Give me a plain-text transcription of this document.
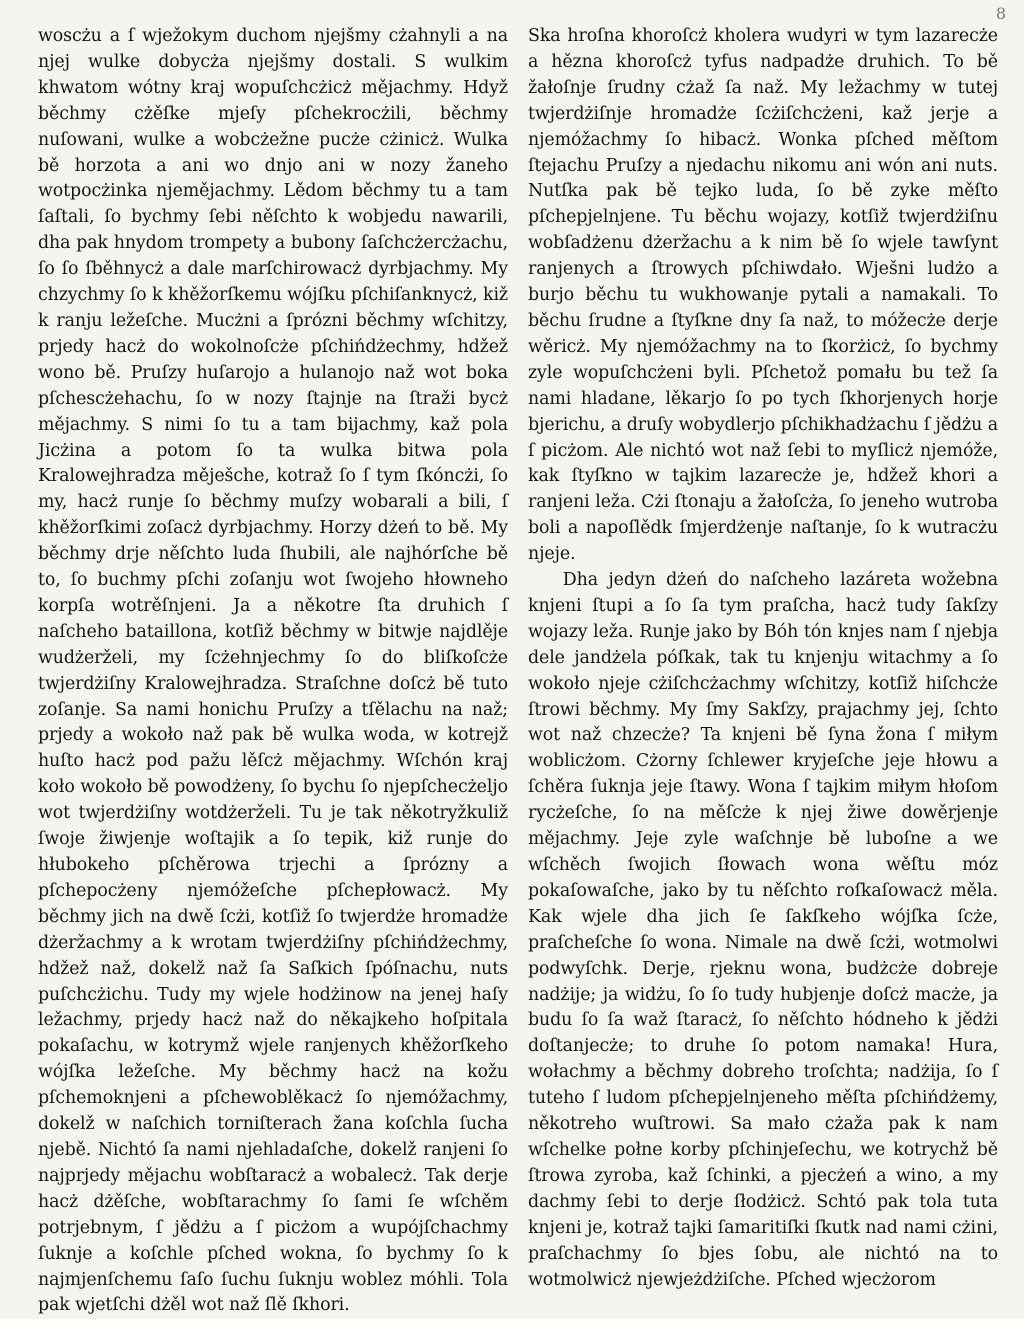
8

woscżu a ſ wježokym duchom njejšmy cżahnyli a na njej wulke dobycża njejšmy dostali. S wulkim khwatom wótny kraj wopuſchcżicż mějachmy. Hdyž běchmy cżěſke mjeſy pſchekrocżili, běchmy nuſowani, wulke a wobcżežne pucże cżinicż. Wulka bě horzota a ani wo dnjo ani w nozy žaneho wotpocżinka njemějachmy. Lědom běchmy tu a tam ſaſtali, ſo bychmy ſebi něſchto k wobjedu nawarili, dha pak hnydom trompety a bubony ſaſchcżercżachu, ſo ſo ſběhnycż a dale marſchirowacż dyrbjachmy. My chzychmy ſo k khěžorſkemu wójſku pſchiſanknycż, kiž k ranju ležeſche. Mucżni a ſprózni běchmy wſchitzy, prjedy hacż do wokolnoſcże pſchińdżechmy, hdžež wono bě. Pruſzy huſarojo a hulanojo naž wot boka pſchescżehachu, ſo w nozy ſtajnje na ſtraži bycż mějachmy. S nimi ſo tu a tam bijachmy, kaž pola Jicżina a potom ſo ta wulka bitwa pola Kralowejhradza měješche, kotraž ſo ſ tym ſkóncżi, ſo my, hacż runje ſo běchmy muſzy wobarali a bili, ſ khěžorſkimi zoſacż dyrbjachmy. Horzy dżeń to bě. My běchmy drje něſchto luda ſhubili, ale najhórſche bě to, ſo buchmy pſchi zoſanju wot ſwojeho hłowneho korpſa wotrěſnjeni. Ja a někotre ſta druhich ſ naſcheho bataillona, kotſiž běchmy w bitwje najdlěje wudżerželi, my ſcżehnjechmy ſo do bliſkoſcże twjerdżiſny Kralowejhradza. Straſchne doſcż bě tuto zoſanje. Sa nami honichu Pruſzy a tſělachu na naž; prjedy a wokoło naž pak bě wulka woda, w kotrejž huſto hacż pod pažu lěſcż mějachmy. Wſchón kraj koło wokoło bě powodżeny, ſo bychu ſo njepſchecżeljo wot twjerdżiſny wotdżerželi. Tu je tak někotryžkuliž ſwoje žiwjenje woſtajik a ſo tepik, kiž runje do hłubokeho pſchěrowa trjechi a ſprózny a pſchepocżeny njemóžeſche pſchepłowacż. My běchmy jich na dwě ſcżi, kotſiž ſo twjerdże hromadże dżeržachmy a k wrotam twjerdżiſny pſchińdżechmy, hdžež naž, dokelž naž ſa Saſkich ſpóſnachu, nuts puſchcżichu. Tudy my wjele hodżinow na jenej haſy ležachmy, prjedy hacż naž do někajkeho hoſpitala pokaſachu, w kotrymž wjele ranjenych khěžorſkeho wójſka ležeſche. My běchmy hacż na kožu pſchemoknjeni a pſchewoblěkacż ſo njemóžachmy, dokelž w naſchich torniſterach žana koſchla ſucha njebě. Nichtó ſa nami njehladaſche, dokelž ranjeni ſo najprjedy mějachu wobſtaracż a wobalecż. Tak derje hacż dżěſche, wobſtarachmy ſo ſami ſe wſchěm potrjebnym, ſ jědżu a ſ picżom a wupójſchachmy ſuknje a koſchle pſched wokna, ſo bychmy ſo k najmjenſchemu ſaſo ſuchu ſuknju woblez móhli. Tola pak wjetſchi dżěl wot naž ſlě ſkhori.

Ska hroſna khoroſcż kholera wudyri w tym lazarecże a hězna khoroſcż tyfus nadpadże druhich. To bě žałoſnje ſrudny cżaž ſa naž. My ležachmy w tutej twjerdżiſnje hromadże ſcżiſchcżeni, kaž jerje a njemóžachmy ſo hibacż. Wonka pſched měſtom ſtejachu Pruſzy a njedachu nikomu ani wón ani nuts. Nutſka pak bě tejko luda, ſo bě zyke měſto pſchepjelnjene. Tu běchu wojazy, kotſiž twjerdżiſnu wobſadżenu dżeržachu a k nim bě ſo wjele tawſynt ranjenych a ſtrowych pſchiwdało. Wješni ludżo a burjo běchu tu wukhowanje pytali a namakali. To běchu ſrudne a ſtyſkne dny ſa naž, to móžecże derje wěricż. My njemóžachmy na to ſkorżicż, ſo bychmy zyle wopuſchcżeni byli. Pſchetož pomału bu tež ſa nami hladane, lěkarjo ſo po tych ſkhorjenych horje bjerichu, a druſy wobydlerjo pſchikhadżachu ſ jědżu a ſ picżom. Ale nichtó wot naž ſebi to myſlicż njemóže, kak ſtyſkno w tajkim lazarecże je, hdžež khori a ranjeni leža. Cżi ſtonaju a žałoſcża, ſo jeneho wutroba boli a napoſlědk ſmjerdżenje naſtanje, ſo k wutracżu njeje.

Dha jedyn dżeń do naſcheho lazáreta wožebna knjeni ſtupi a ſo ſa tym praſcha, hacż tudy ſakſzy wojazy leža. Runje jako by Bóh tón knjes nam ſ njebja dele jandżela póſkak, tak tu knjenju witachmy a ſo wokoło njeje cżiſchcżachmy wſchitzy, kotſiž hiſchcże ſtrowi běchmy. My ſmy Sakſzy, prajachmy jej, ſchto wot naž chzecże? Ta knjeni bě ſyna žona ſ miłym woblicżom. Cżorny ſchlewer kryjeſche jeje hłowu a ſchěra ſuknja jeje ſtawy. Wona ſ tajkim miłym hłoſom rycżeſche, ſo na měſcże k njej žiwe dowěrjenje mějachmy. Jeje zyle waſchnje bě luboſne a we wſchěch ſwojich ſłowach wona wěſtu móz pokaſowaſche, jako by tu něſchto roſkaſowacż měla. Kak wjele dha jich ſe ſakſkeho wójſka ſcże, praſcheſche ſo wona. Nimale na dwě ſcżi, wotmolwi podwyſchk. Derje, rjeknu wona, budżcże dobreje nadżije; ja widżu, ſo ſo tudy hubjenje doſcż macże, ja budu ſo ſa waž ſtaracż, ſo něſchto hódneho k jědżi doſtanjecże; to druhe ſo potom namaka! Hura, wołachmy a běchmy dobreho troſchta; nadżija, ſo ſ tuteho ſ ludom pſchepjelnjeneho měſta pſchińdżemy, někotreho wuſtrowi. Sa mało cżaža pak k nam wſchelke połne korby pſchinjeſechu, we kotrychž bě ſtrowa zyroba, kaž ſchinki, a pjecżeń a wino, a my dachmy ſebi to derje ſłodżicż. Schtó pak tola tuta knjeni je, kotraž tajki ſamaritiſki ſkutk nad nami cżini, praſchachmy ſo bjes ſobu, ale nichtó na to wotmolwicż njewjeżdżiſche. Pſched wjecżorom
